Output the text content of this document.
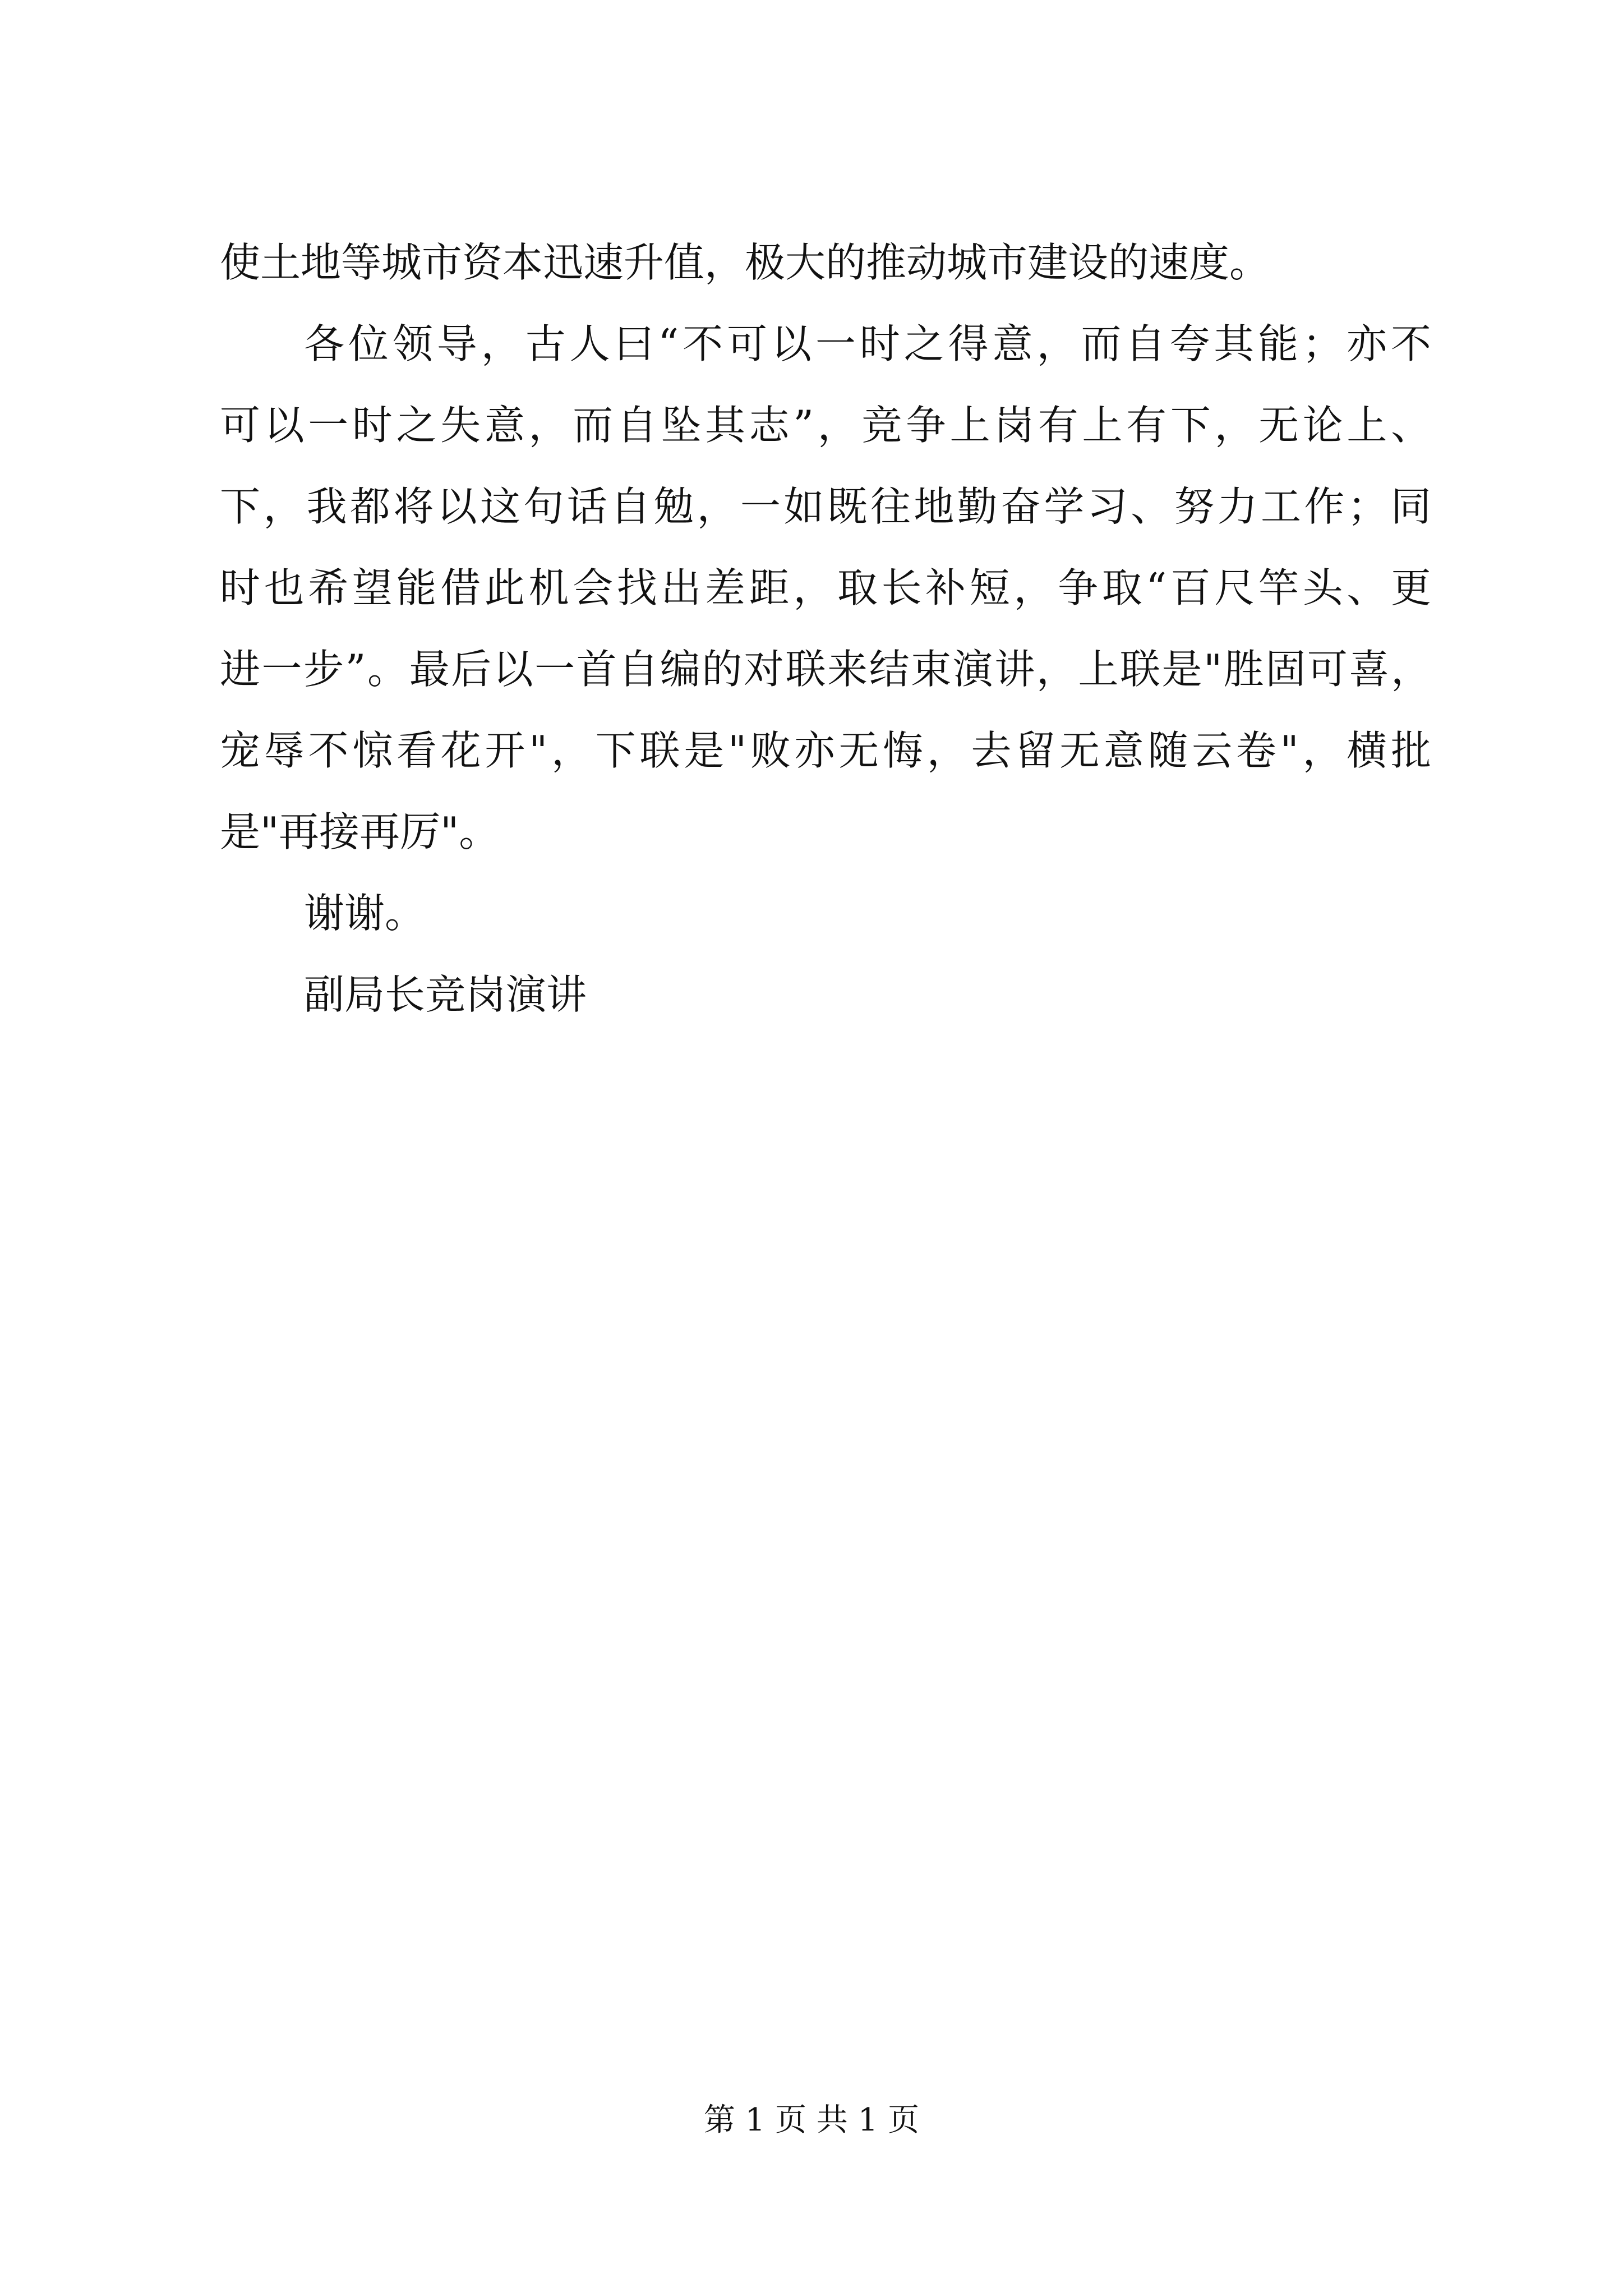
使土地等城市资本迅速升值，极大的推动城市建设的速度。
各位领导，古人曰“不可以一时之得意，而自夸其能；亦不
可以一时之失意，而自坠其志”，竞争上岗有上有下，无论上、
下，我都将以这句话自勉，一如既往地勤奋学习、努力工作；同
时也希望能借此机会找出差距，取长补短，争取“百尺竿头、更
进一步”。最后以一首自编的对联来结束演讲，上联是"胜固可喜，
宠辱不惊看花开"，下联是"败亦无悔，去留无意随云卷"，横批
是"再接再厉"。
谢谢。
副局长竞岗演讲
第 1 页 共 1 页
